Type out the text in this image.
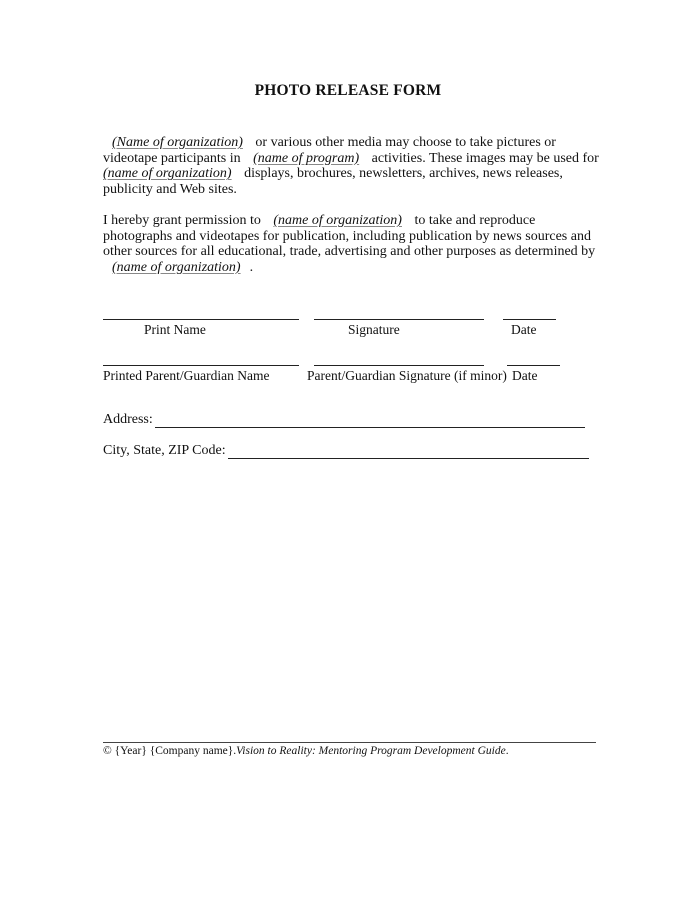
PHOTO RELEASE FORM
(Name of organization) or various other media may choose to take pictures or
videotape participants in (name of program) activities. These images may be used for
(name of organization) displays, brochures, newsletters, archives, news releases,
publicity and Web sites.
I hereby grant permission to (name of organization) to take and reproduce
photographs and videotapes for publication, including publication by news sources and
other sources for all educational, trade, advertising and other purposes as determined by
(name of organization) .
Print Name	Signature	Date
Printed Parent/Guardian Name	Parent/Guardian Signature (if minor) Date
Address:
City, State, ZIP Code:
© {Year} {Company name}.Vision to Reality: Mentoring Program Development Guide.
